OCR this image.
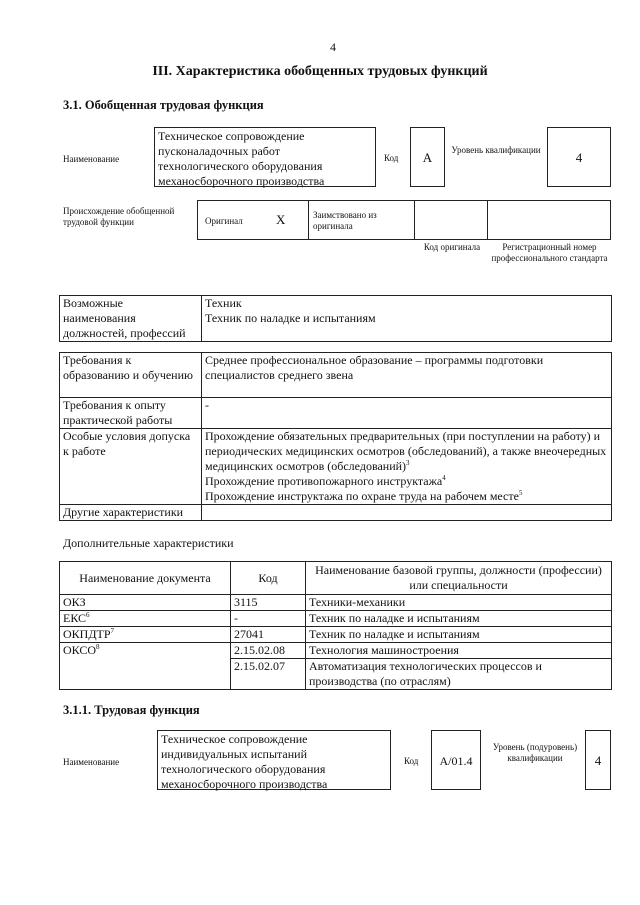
4
III. Характеристика обобщенных трудовых функций
3.1. Обобщенная трудовая функция
Наименование
Техническое сопровождение пусконаладочных работ технологического оборудования механосборочного производства
Код	A	Уровень квалификации	4
Происхождение обобщенной трудовой функции	Оригинал	X	Заимствовано из оригинала
Код оригинала	Регистрационный номер профессионального стандарта
Возможные наименования должностей, профессий	
Техник
Техник по наладке и испытаниям
Требования к образованию и обучению	Среднее профессиональное образование – программы подготовки специалистов среднего звена
Требования к опыту практической работы	-
Особые условия допуска к работе	Прохождение обязательных предварительных (при поступлении на работу) и периодических медицинских осмотров (обследований), а также внеочередных медицинских осмотров (обследований)$^3$
Прохождение противопожарного инструктажа$^4$
Прохождение инструктажа по охране труда на рабочем месте$^5$
Другие характеристики	
Дополнительные характеристики
Наименование документа	Код	Наименование базовой группы, должности (профессии) или специальности
ОКЗ	3115	Техники-механики
ЕКС$^6$	-	Техник по наладке и испытаниям
ОКПДТР$^7$	27041	Техник по наладке и испытаниям
ОКСО$^8$	2.15.02.08	Технология машиностроения
	2.15.02.07	Автоматизация технологических процессов и производства (по отраслям)
3.1.1. Трудовая функция
Наименование
Техническое сопровождение индивидуальных испытаний технологического оборудования механосборочного производства
Код	A/01.4
Уровень (подуровень) квалификации	4
